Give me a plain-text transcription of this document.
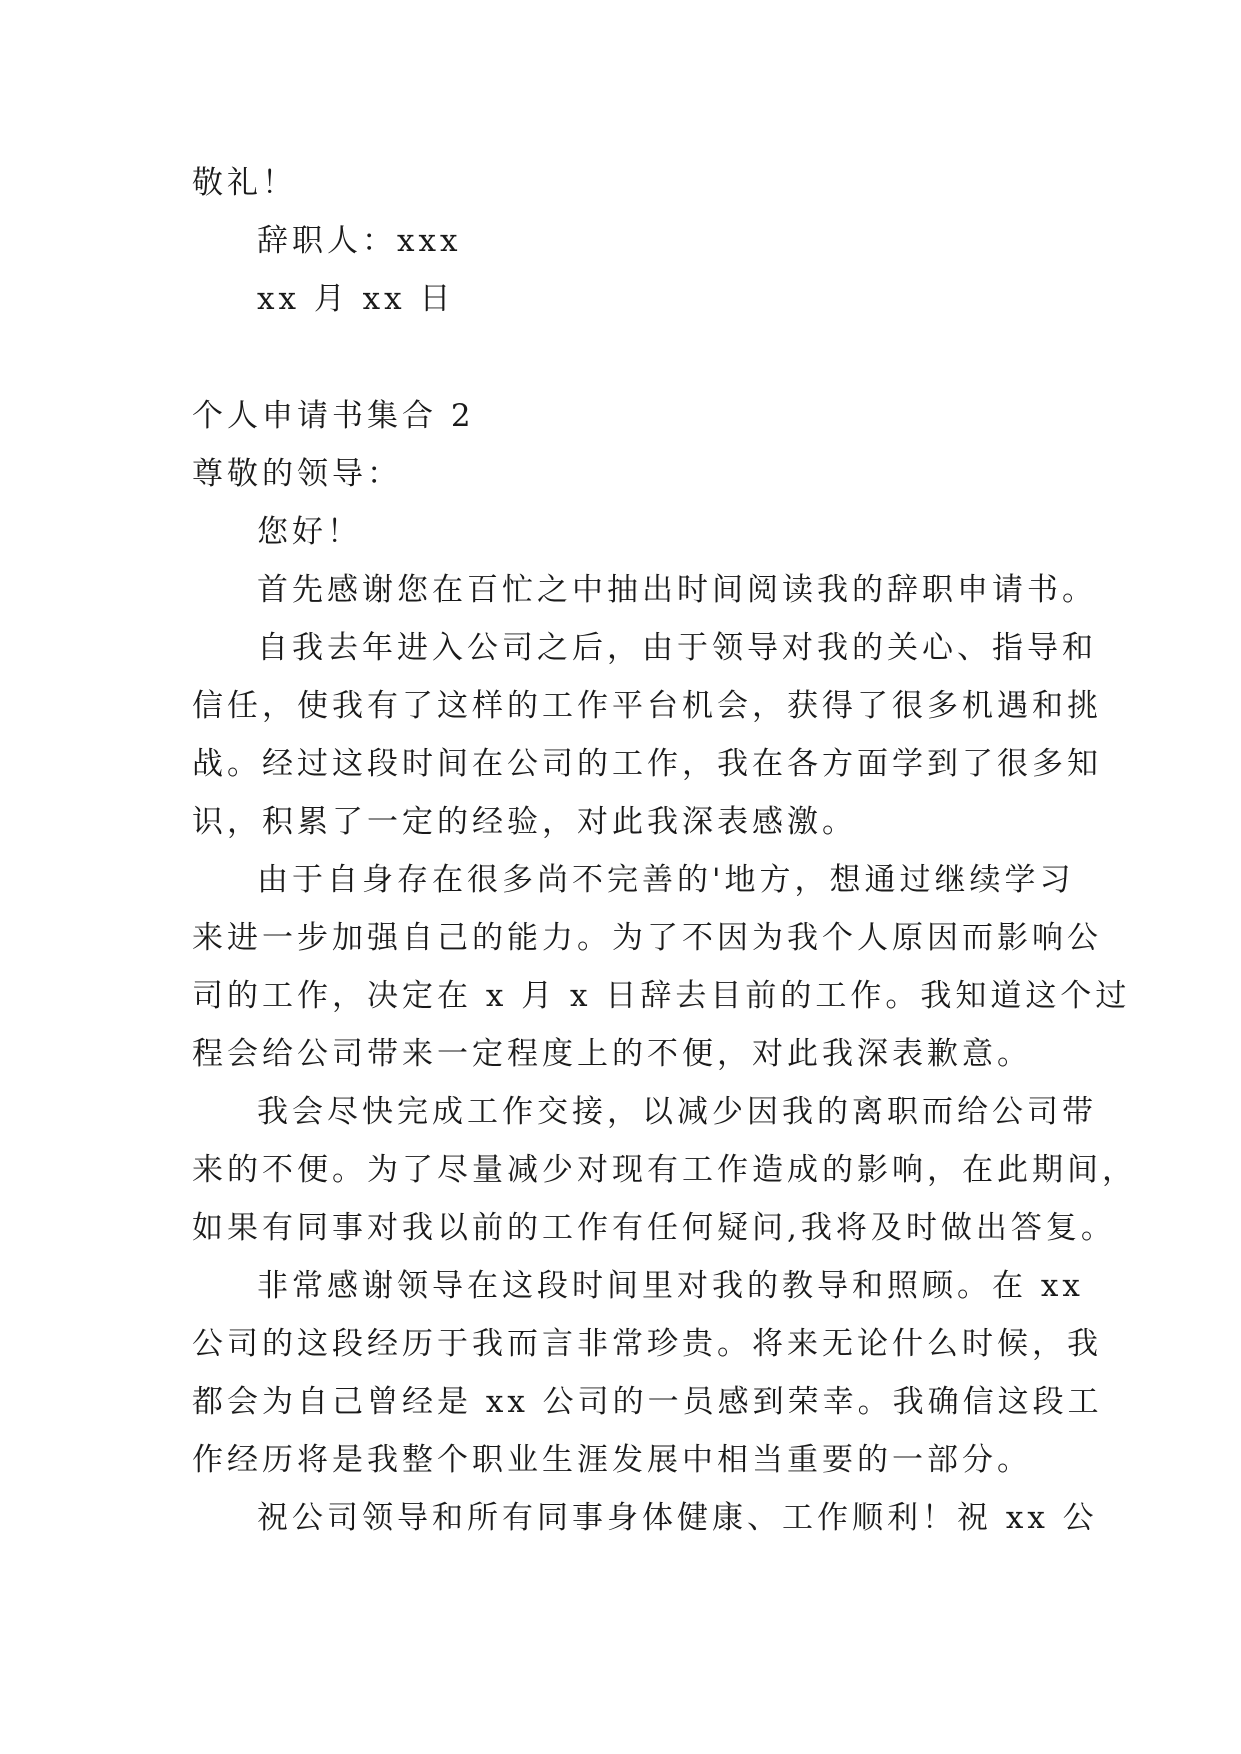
敬礼！
辞职人：xxx
xx 月 xx 日
个人申请书集合 2
尊敬的领导：
您好！
首先感谢您在百忙之中抽出时间阅读我的辞职申请书。
自我去年进入公司之后，由于领导对我的关心、指导和
信任，使我有了这样的工作平台机会，获得了很多机遇和挑
战。经过这段时间在公司的工作，我在各方面学到了很多知
识，积累了一定的经验，对此我深表感激。
由于自身存在很多尚不完善的'地方，想通过继续学习
来进一步加强自己的能力。为了不因为我个人原因而影响公
司的工作，决定在 x 月 x 日辞去目前的工作。我知道这个过
程会给公司带来一定程度上的不便，对此我深表歉意。
我会尽快完成工作交接，以减少因我的离职而给公司带
来的不便。为了尽量减少对现有工作造成的影响，在此期间，
如果有同事对我以前的工作有任何疑问,我将及时做出答复。
非常感谢领导在这段时间里对我的教导和照顾。在 xx
公司的这段经历于我而言非常珍贵。将来无论什么时候，我
都会为自己曾经是 xx 公司的一员感到荣幸。我确信这段工
作经历将是我整个职业生涯发展中相当重要的一部分。
祝公司领导和所有同事身体健康、工作顺利！祝 xx 公
